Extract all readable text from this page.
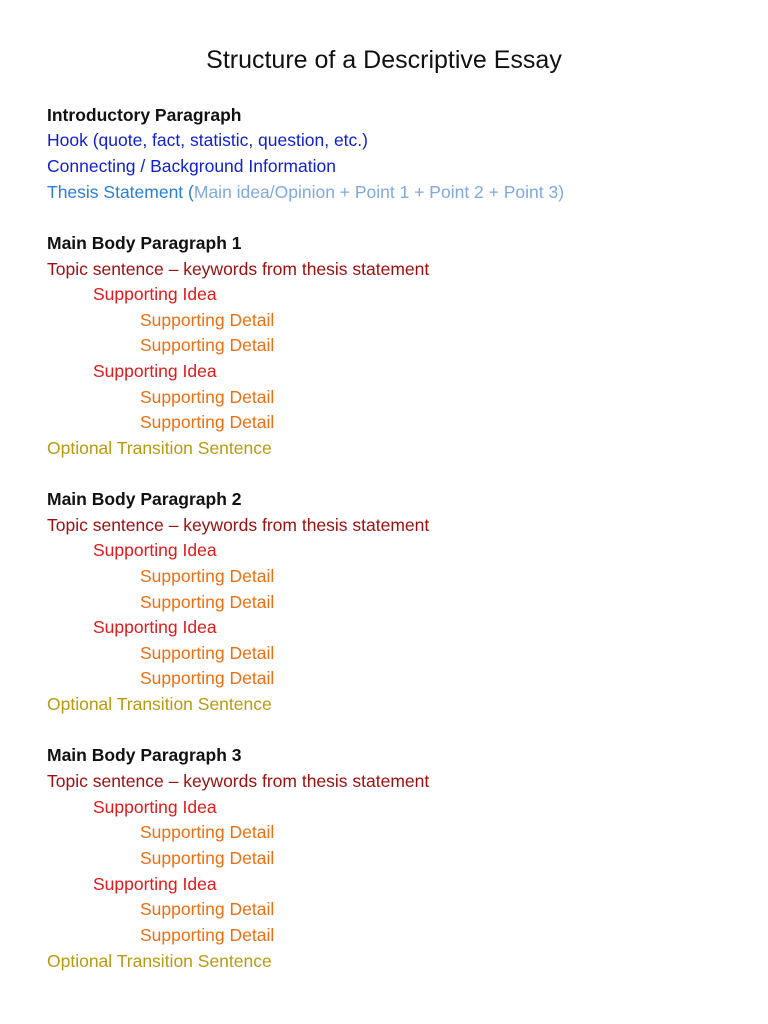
Structure of a Descriptive Essay
Introductory Paragraph
Hook (quote, fact, statistic, question, etc.)
Connecting / Background Information
Thesis Statement (Main idea/Opinion + Point 1 + Point 2 + Point 3)
Main Body Paragraph 1
Topic sentence – keywords from thesis statement
Supporting Idea
Supporting Detail
Supporting Detail
Supporting Idea
Supporting Detail
Supporting Detail
Optional Transition Sentence
Main Body Paragraph 2
Topic sentence – keywords from thesis statement
Supporting Idea
Supporting Detail
Supporting Detail
Supporting Idea
Supporting Detail
Supporting Detail
Optional Transition Sentence
Main Body Paragraph 3
Topic sentence – keywords from thesis statement
Supporting Idea
Supporting Detail
Supporting Detail
Supporting Idea
Supporting Detail
Supporting Detail
Optional Transition Sentence
